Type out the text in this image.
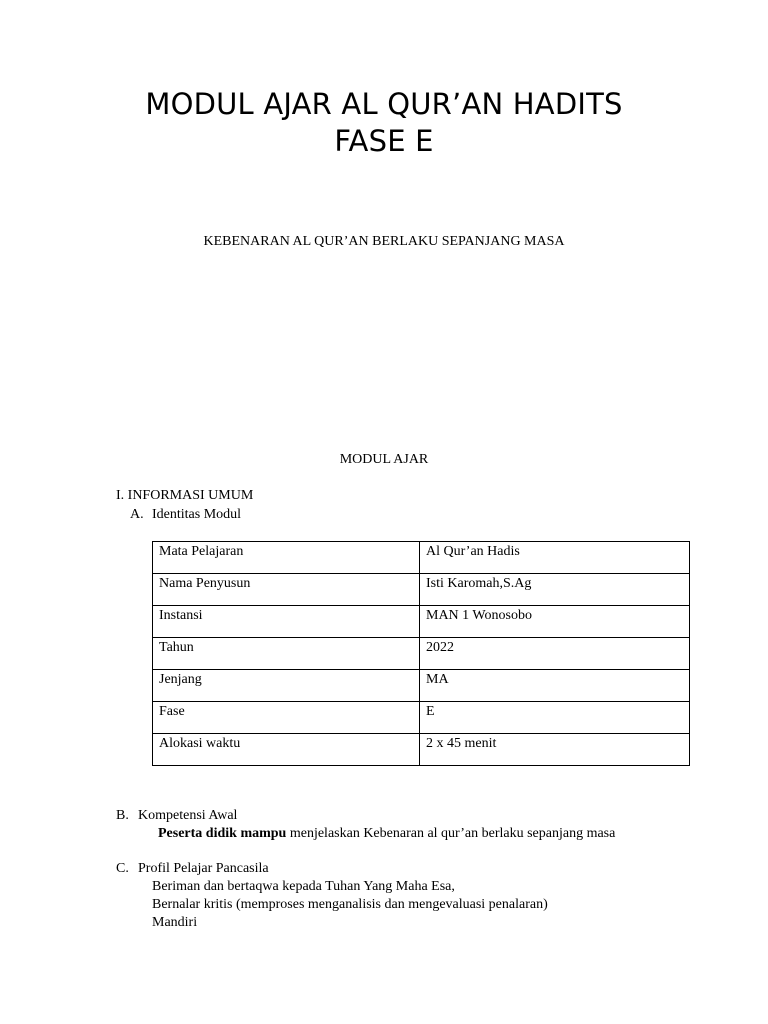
MODUL AJAR AL QUR’AN HADITS
FASE E
KEBENARAN AL QUR’AN BERLAKU SEPANJANG MASA
MODUL AJAR
I. INFORMASI UMUM
A. Identitas Modul
Mata Pelajaran	Al Qur’an Hadis
Nama Penyusun	Isti Karomah,S.Ag
Instansi	MAN 1 Wonosobo
Tahun	2022
Jenjang	MA
Fase	E
Alokasi waktu	2 x 45 menit
B. Kompetensi Awal
Peserta didik mampu menjelaskan Kebenaran al qur’an berlaku sepanjang masa
C. Profil Pelajar Pancasila
Beriman dan bertaqwa kepada Tuhan Yang Maha Esa,
Bernalar kritis (memproses menganalisis dan mengevaluasi penalaran)
Mandiri
